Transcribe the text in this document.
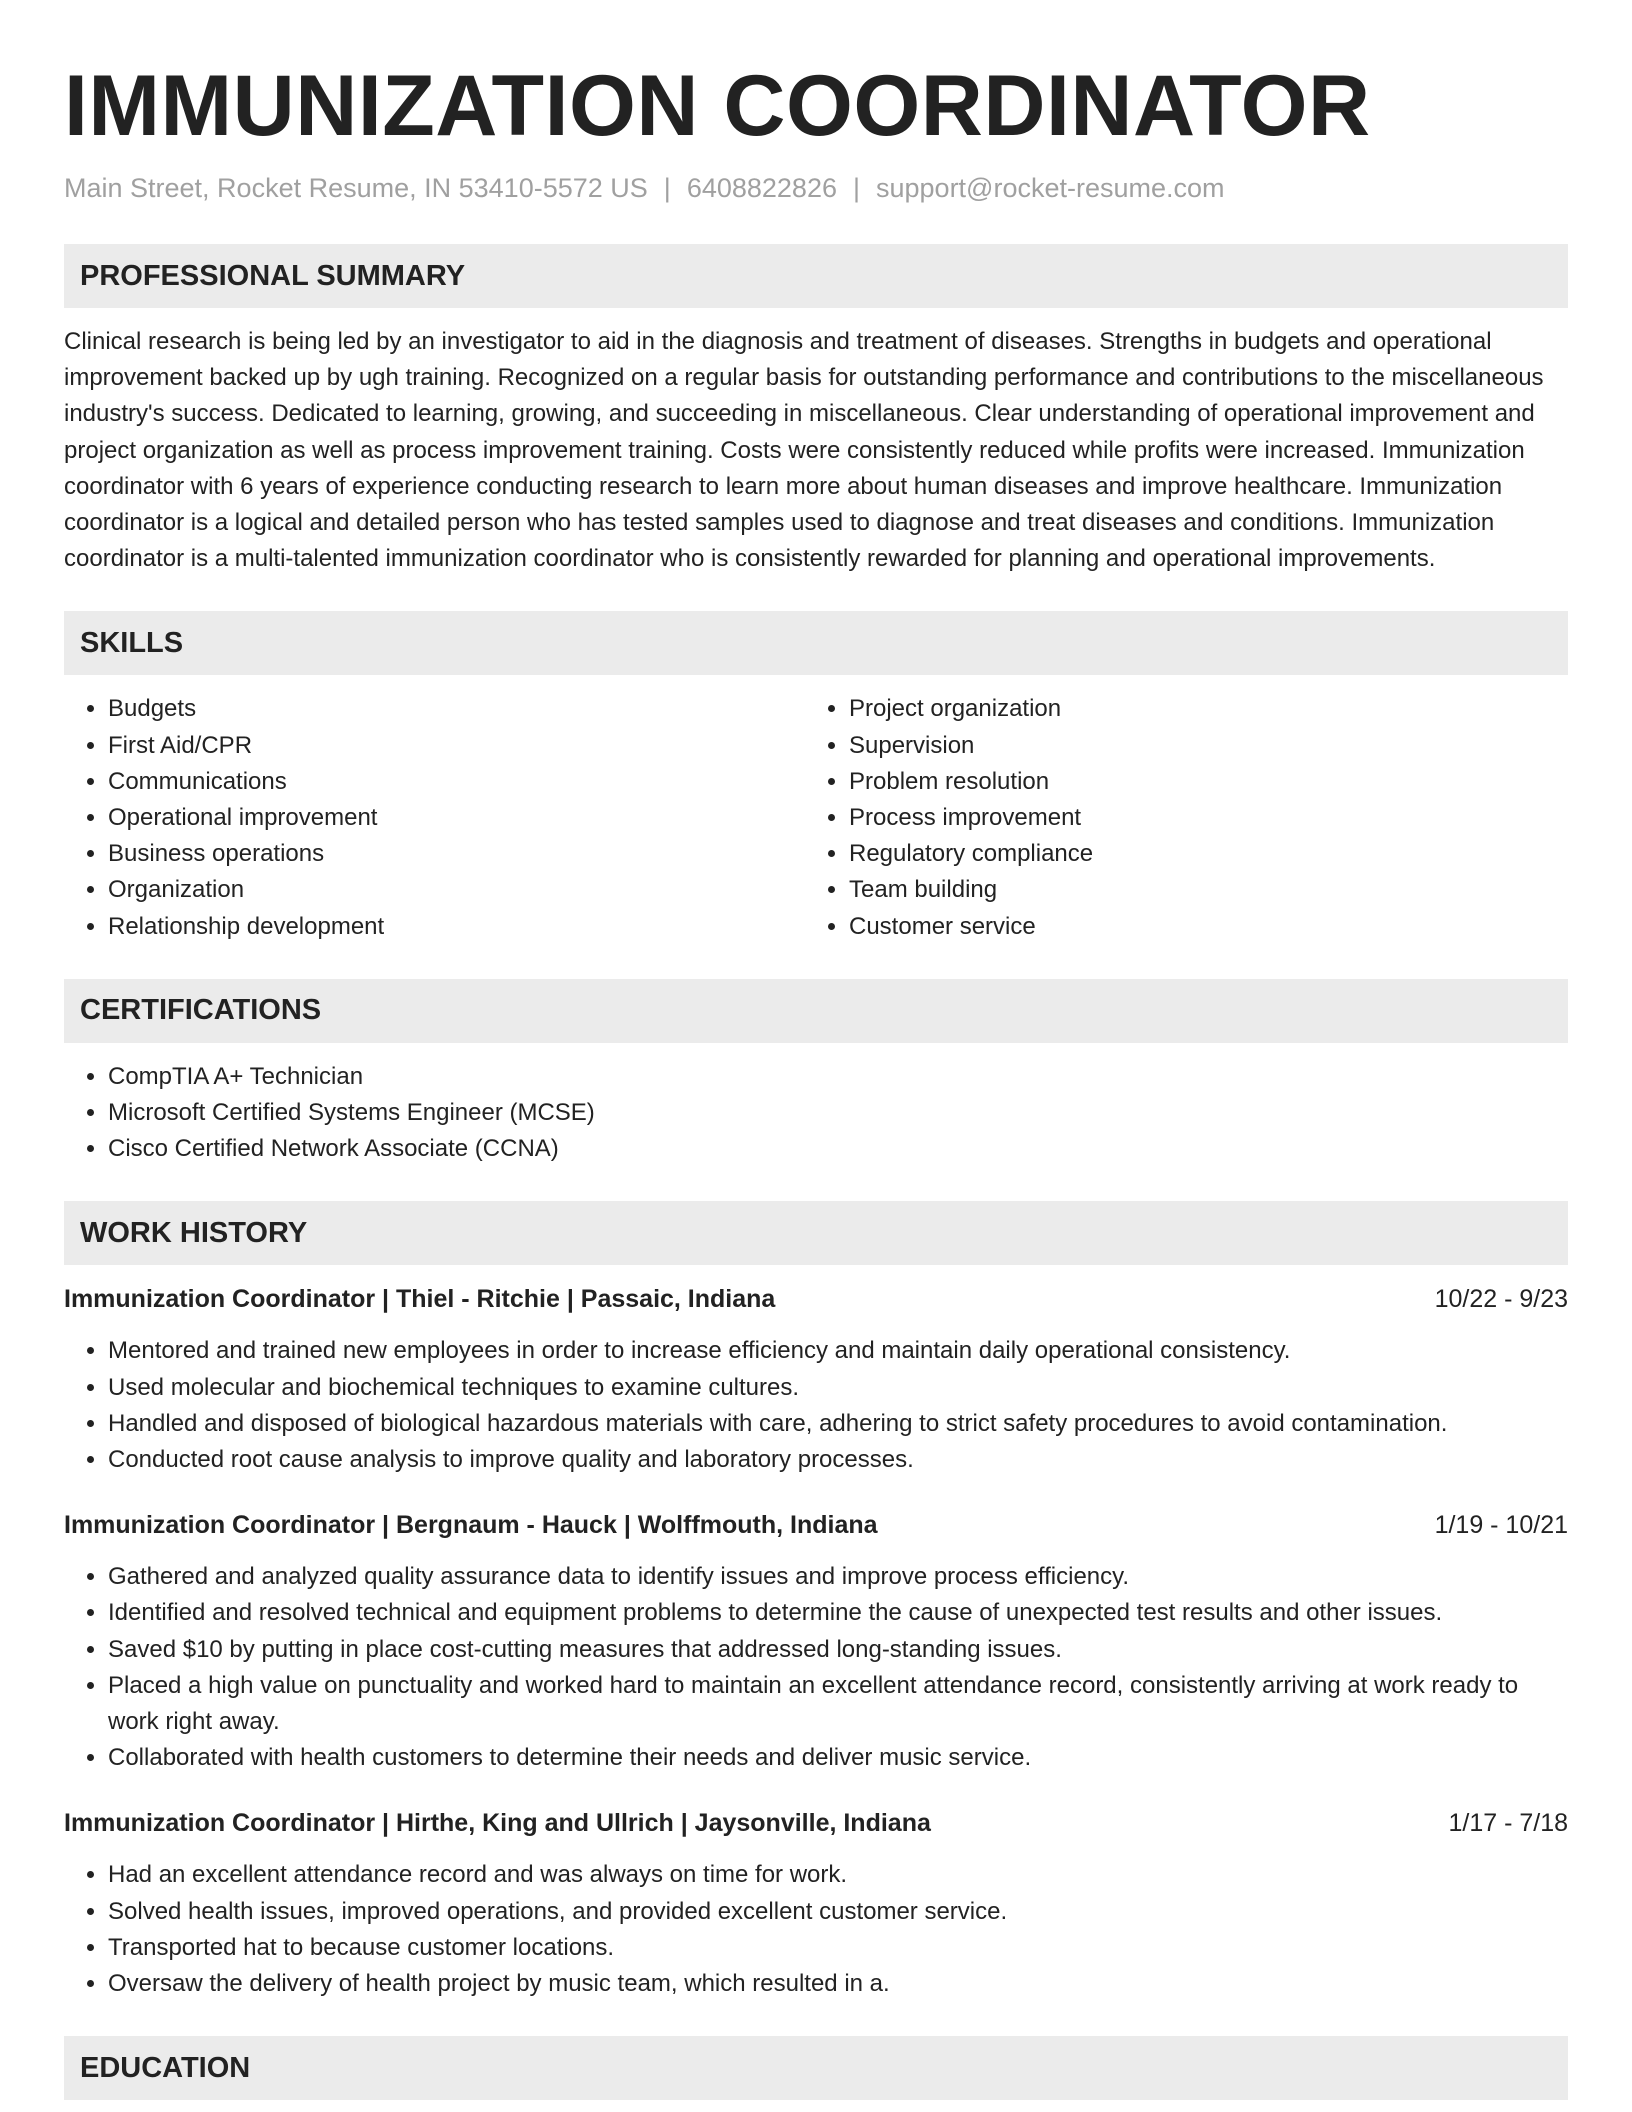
IMMUNIZATION COORDINATOR
Main Street, Rocket Resume, IN 53410-5572 US | 6408822826 | support@rocket-resume.com
PROFESSIONAL SUMMARY

Clinical research is being led by an investigator to aid in the diagnosis and treatment of diseases. Strengths in budgets and operational improvement backed up by ugh training. Recognized on a regular basis for outstanding performance and contributions to the miscellaneous industry's success. Dedicated to learning, growing, and succeeding in miscellaneous. Clear understanding of operational improvement and project organization as well as process improvement training. Costs were consistently reduced while profits were increased. Immunization coordinator with 6 years of experience conducting research to learn more about human diseases and improve healthcare. Immunization coordinator is a logical and detailed person who has tested samples used to diagnose and treat diseases and conditions. Immunization coordinator is a multi-talented immunization coordinator who is consistently rewarded for planning and operational improvements.

SKILLS
• Budgets
• First Aid/CPR
• Communications
• Operational improvement
• Business operations
• Organization
• Relationship development
• Project organization
• Supervision
• Problem resolution
• Process improvement
• Regulatory compliance
• Team building
• Customer service
CERTIFICATIONS
• CompTIA A+ Technician
• Microsoft Certified Systems Engineer (MCSE)
• Cisco Certified Network Associate (CCNA)
WORK HISTORY
Immunization Coordinator | Thiel - Ritchie | Passaic, Indiana	10/22 - 9/23
• Mentored and trained new employees in order to increase efficiency and maintain daily operational consistency.
• Used molecular and biochemical techniques to examine cultures.
• Handled and disposed of biological hazardous materials with care, adhering to strict safety procedures to avoid contamination.
• Conducted root cause analysis to improve quality and laboratory processes.
Immunization Coordinator | Bergnaum - Hauck | Wolffmouth, Indiana	1/19 - 10/21
• Gathered and analyzed quality assurance data to identify issues and improve process efficiency.
• Identified and resolved technical and equipment problems to determine the cause of unexpected test results and other issues.
• Saved $10 by putting in place cost-cutting measures that addressed long-standing issues.
• Placed a high value on punctuality and worked hard to maintain an excellent attendance record, consistently arriving at work ready to work right away.
• Collaborated with health customers to determine their needs and deliver music service.
Immunization Coordinator | Hirthe, King and Ullrich | Jaysonville, Indiana	1/17 - 7/18
• Had an excellent attendance record and was always on time for work.
• Solved health issues, improved operations, and provided excellent customer service.
• Transported hat to because customer locations.
• Oversaw the delivery of health project by music team, which resulted in a.
EDUCATION
